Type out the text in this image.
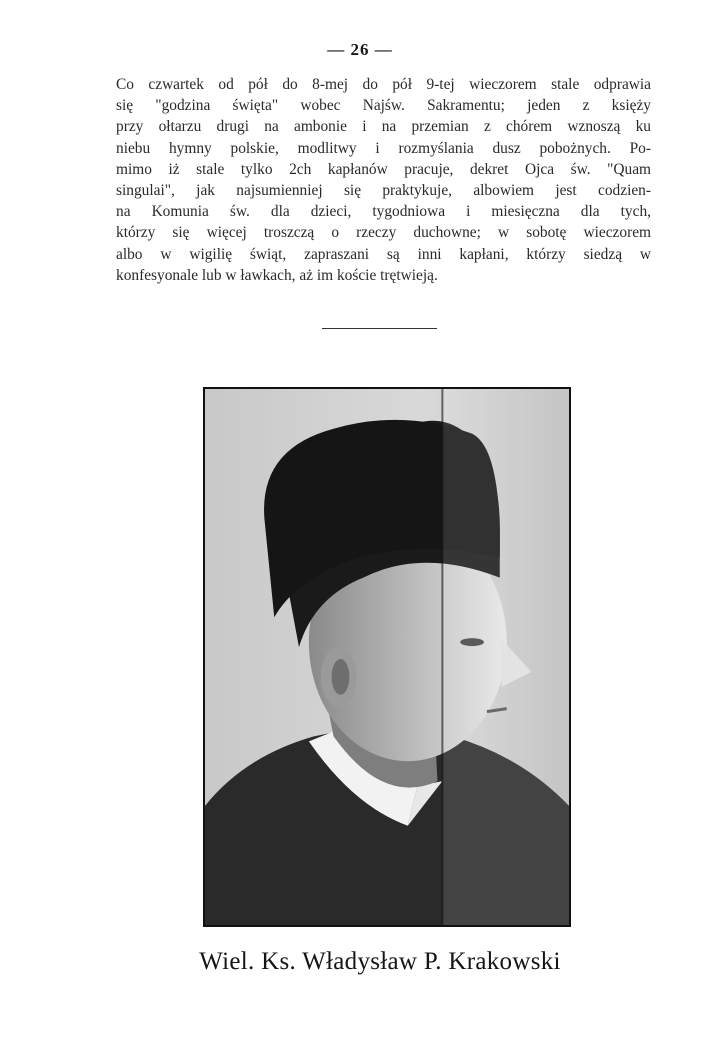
— 26 —
Co czwartek od pół do 8-mej do pół 9-tej wieczorem stale odprawia
się "godzina święta" wobec Najśw. Sakramentu; jeden z księży
przy ołtarzu drugi na ambonie i na przemian z chórem wznoszą ku
niebu hymny polskie, modlitwy i rozmyślania dusz pobożnych. Po-
mimo iż stale tylko 2ch kapłanów pracuje, dekret Ojca św. "Quam
singulai", jak najsumienniej się praktykuje, albowiem jest codzien-
na Komunia św. dla dzieci, tygodniowa i miesięczna dla tych,
którzy się więcej troszczą o rzeczy duchowne; w sobotę wieczorem
albo w wigilię świąt, zapraszani są inni kapłani, którzy siedzą w
konfesyonale lub w ławkach, aż im koście trętwieją.
Wiel. Ks. Władysław P. Krakowski
